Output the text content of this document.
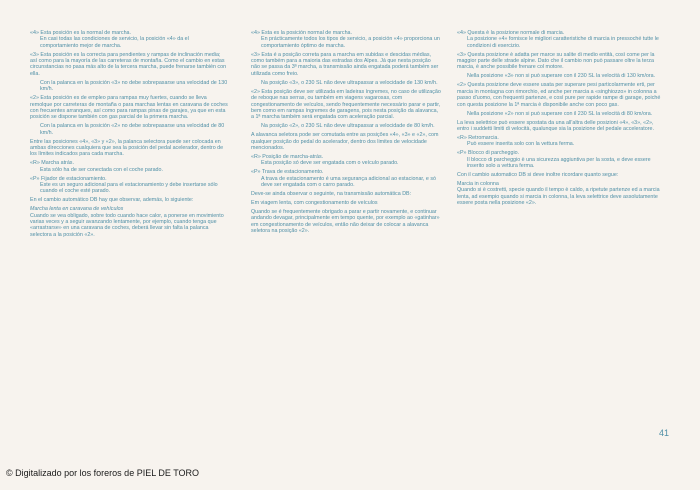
«4» Esta posición es la normal de marcha.

En casi todas las condiciones de servicio, la posición «4» da el comportamiento mejor de marcha.

«3» Esta posición es la correcta para pendientes y rampas de inclinación media; así como para la mayoría de las carreteras de montaña. Como el cambio en estas circunstancias no pasa más alto de la tercera marcha, puede frenarse también con ella.

Con la palanca en la posición «3» no debe sobrepasarse una velocidad de 130 km/h.

«2» Esta posición es de empleo para rampas muy fuertes, cuando se lleva remolque por carreteras de montaña o para marchas lentas en caravana de coches con frecuentes arranques, así como para rampas pinas de garajes, ya que en esta posición se dispone también con gas parcial de la primera marcha.

Con la palanca en la posición «2» no debe sobrepasarse una velocidad de 80 km/h.

Entre las posiciones «4», «3» y «2», la palanca selectora puede ser colocada en ambas direcciones cualquiera que sea la posición del pedal acelerador, dentro de los límites indicados para cada marcha.

«R» Marcha atrás.

Esta sólo ha de ser conectada con el coche parado.

«P» Fijador de estacionamiento.

Este es un seguro adicional para el estacionamiento y debe insertarse sólo cuando el coche esté parado.

En el cambio automático DB hay que observar, además, lo siguiente:

Marcha lenta en caravana de vehículos

Cuando se vea obligado, sobre todo cuando hace calor, a ponerse en movimiento varias veces y a seguir avanzando lentamente, por ejemplo, cuando tenga que «arrastrarse» en una caravana de coches, deberá llevar sin falta la palanca selectora a la posición «2».

«4» Esta es la posición normal de marcha.

En prácticamente todos los tipos de servicio, a posición «4» proporciona un comportamiento óptimo de marcha.

«3» Esta é a posição correta para a marcha em subidas e descidas médias, como também para a maioria das estradas dos Alpes. Já que nesta posição não se passa da 3ª marcha, a transmissão ainda engatada poderá também ser utilizada como freio.

Na posição «3», o 230 SL não deve ultrapassar a velocidade de 130 km/h.

«2» Esta posição deve ser utilizada em ladeiras íngremes, no caso de utilização de reboque nas serras, ou também em viagens vagarosas, com congestionamento de veículos, sendo frequentemente necessário parar e partir, bem como em rampas íngremes de garagens, pois nesta posição da alavanca, a 1ª marcha também será engatada com aceleração parcial.

Na posição «2», o 230 SL não deve ultrapassar a velocidade de 80 km/h.

A alavanca seletora pode ser comutada entre as posições «4», «3» e «2», com qualquer posição do pedal do acelerador, dentro dos limites de velocidade mencionados.

«R» Posição de marcha-atrás.

Esta posição só deve ser engatada com o veículo parado.

«P» Trava de estacionamento.

A trava de estacionamento é uma segurança adicional ao estacionar, e só deve ser engatada com o carro parado.

Deve-se ainda observar o seguinte, na transmissão automática DB:

Em viagem lenta, com congestionamento de veículos

Quando se é frequentemente obrigado a parar e partir novamente, e continuar andando devagar, principalmente em tempo quente, por exemplo ao «gatinhar» em congestionamento de veículos, então não deixar de colocar a alavanca seletora na posição «2».

«4» Questa è la posizione normale di marcia.

La posizione «4» fornisce le migliori caratteristiche di marcia in pressoché tutte le condizioni di esercizio.

«3» Questa posizione è adatta per marce su salite di medio entità, così come per la maggior parte delle strade alpine. Dato che il cambio non può passare oltre la terza marcia, è anche possibile frenare col motore.

Nella posizione «3» non si può superare con il 230 SL la velocità di 130 km/ora.

«2» Questa posizione deve essere usata per superare pesi particolarmente erti, per marcia in montagna con rimorchio, ed anche per marcia a «singhiozzo» in colonna a passo d'uomo, con frequenti partenze, e così pure per rapide rampe di garage, poiché con questa posizione la 1ª marcia è disponibile anche con poco gas.

Nella posizione «2» non si può superare con il 230 SL la velocità di 80 km/ora.

La leva selettrice può essere spostata da una all'altra delle posizioni «4», «3», «2», entro i suddetti limiti di velocità, qualunque sia la posizione del pedale acceleratore.

«R» Retromarcia.

Può essere inserita solo con la vettura ferma.

«P» Blocco di parcheggio.

Il blocco di parcheggio è una sicurezza aggiuntiva per la sosta, e deve essere inserito solo a vettura ferma.

Con il cambio automatico DB si deve inoltre ricordare quanto segue:

Marcia in colonna

Quando si è costretti, specie quando il tempo è caldo, a ripetute partenze ed a marcia lenta, ad esempio quando si marcia in colonna, la leva selettrice deve assolutamente essere posta nella posizione «2».

41
© Digitalizado por los foreros de PIEL DE TORO
